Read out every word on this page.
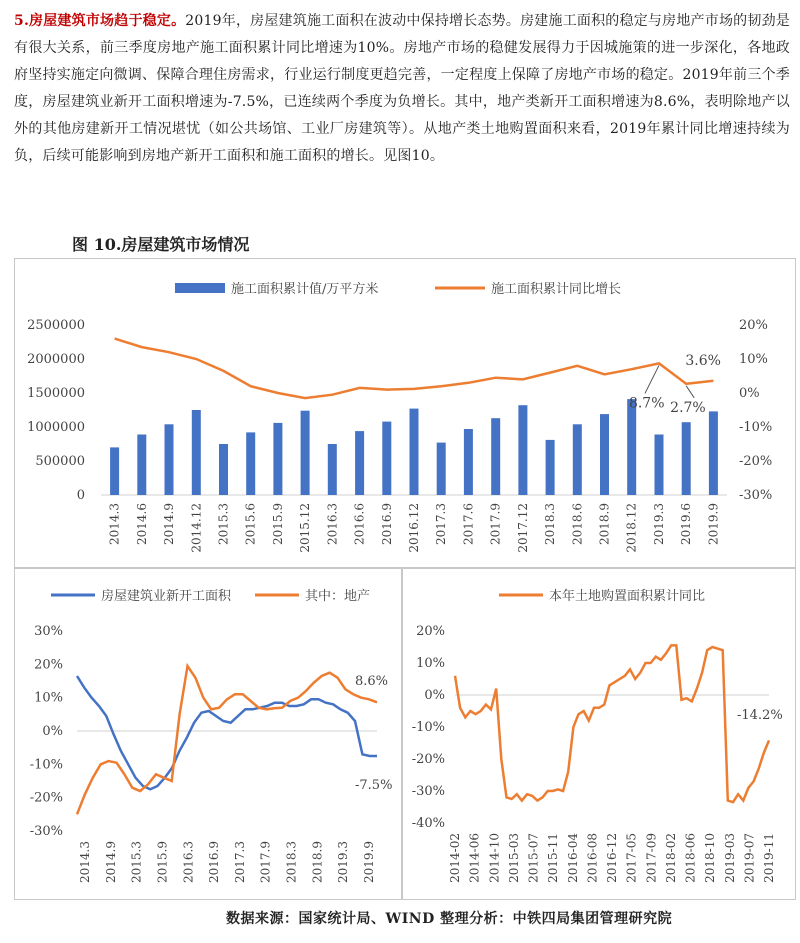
5.房屋建筑市场趋于稳定。2019年，房屋建筑施工面积在波动中保持增长态势。房建施工面积的稳定与房地产市场的韧劲是有很大关系，前三季度房地产施工面积累计同比增速为10%。房地产市场的稳健发展得力于因城施策的进一步深化，各地政府坚持实施定向微调、保障合理住房需求，行业运行制度更趋完善，一定程度上保障了房地产市场的稳定。2019年前三个季度，房屋建筑业新开工面积增速为-7.5%，已连续两个季度为负增长。其中，地产类新开工面积增速为8.6%，表明除地产以外的其他房建新开工情况堪忧（如公共场馆、工业厂房建筑等）。从地产类土地购置面积来看，2019年累计同比增速持续为负，后续可能影响到房地产新开工面积和施工面积的增长。见图10。
图 10.房屋建筑市场情况
施工面积累计值/万平方米	施工面积累计同比增长
2500000
2000000
1500000
1000000
500000
0
20%
10%
0%
-10%
-20%
-30%
2014.3 2014.6 2014.9 2014.12 2015.3 2015.6 2015.9 2015.12 2016.3 2016.6 2016.9 2016.12 2017.3 2017.6 2017.9 2017.12 2018.3 2018.6 2018.9 2018.12 2019.3 2019.6 2019.9
8.7% 2.7%
3.6%
房屋建筑业新开工面积	其中：地产
30%
20%
10%
0%
-10%
-20%
-30%
2014.3 2014.9 2015.3 2015.9 2016.3 2016.9 2017.3 2017.9 2018.3 2018.9 2019.3 2019.9
8.6%
-7.5%
本年土地购置面积累计同比
20%
10%
0%
-10%
-20%
-30%
-40%
2014-02 2014-06 2014-10 2015-03 2015-07 2015-11 2016-04 2016-08 2016-12 2017-05 2017-09 2018-02 2018-06 2018-10 2019-03 2019-07 2019-11
-14.2%
数据来源：国家统计局、WIND 整理分析：中铁四局集团管理研究院
